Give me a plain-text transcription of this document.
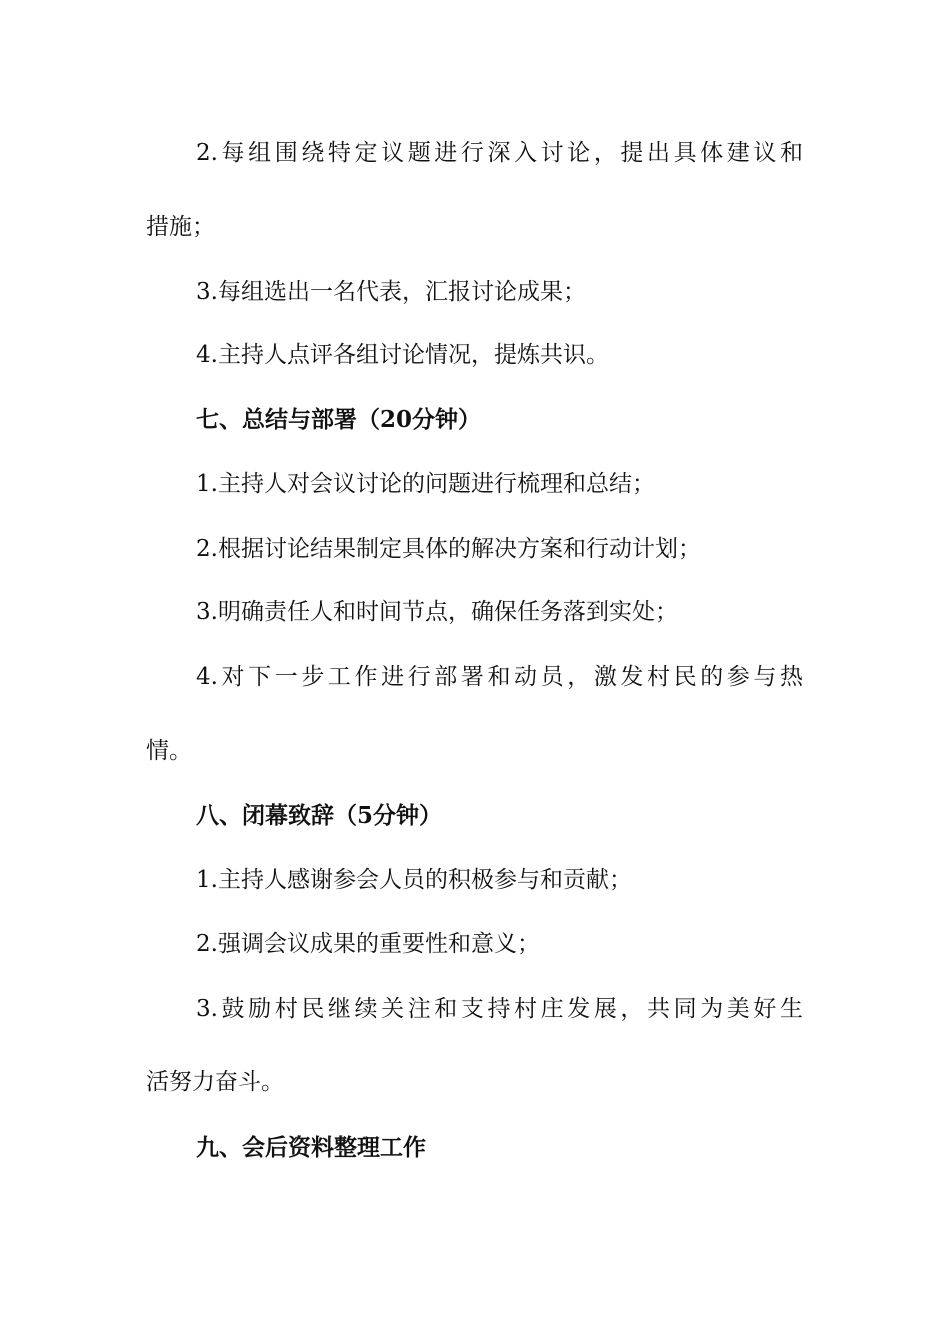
2.每组围绕特定议题进行深入讨论，提出具体建议和
措施；
3.每组选出一名代表，汇报讨论成果；
4.主持人点评各组讨论情况，提炼共识。
七、总结与部署（20分钟）
1.主持人对会议讨论的问题进行梳理和总结；
2.根据讨论结果制定具体的解决方案和行动计划；
3.明确责任人和时间节点，确保任务落到实处；
4.对下一步工作进行部署和动员，激发村民的参与热
情。
八、闭幕致辞（5分钟）
1.主持人感谢参会人员的积极参与和贡献；
2.强调会议成果的重要性和意义；
3.鼓励村民继续关注和支持村庄发展，共同为美好生
活努力奋斗。
九、会后资料整理工作
